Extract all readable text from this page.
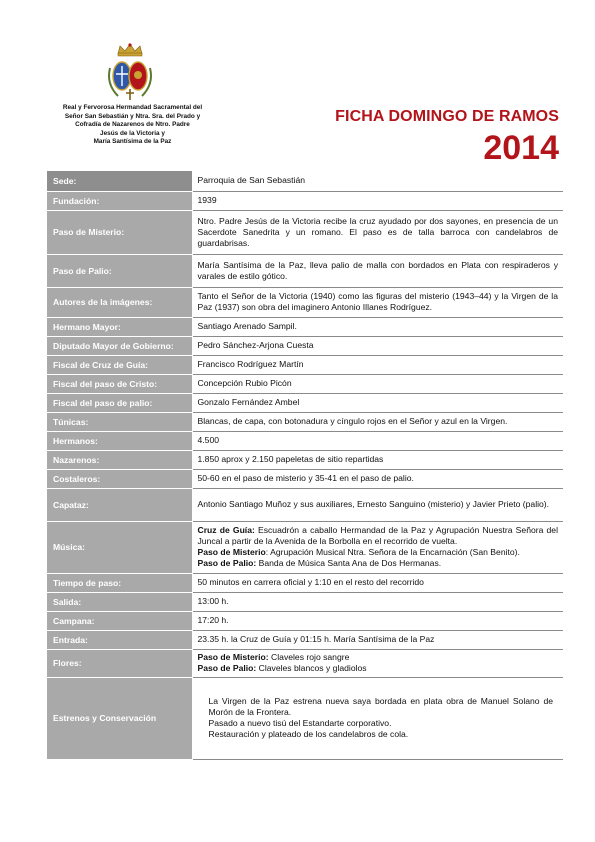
Real y Fervorosa Hermandad Sacramental del
Señor San Sebastián y Ntra. Sra. del Prado y
Cofradía de Nazarenos de Ntro. Padre
Jesús de la Victoria y
María Santísima de la Paz
FICHA DOMINGO DE RAMOS
2014
Sede:	Parroquia de San Sebastián
Fundación:	1939
Paso de Misterio:	Ntro. Padre Jesús de la Victoria recibe la cruz ayudado por dos sayones, en presencia de un Sacerdote Sanedrita y un romano. El paso es de talla barroca con candelabros de guardabrisas.
Paso de Palio:	María Santísima de la Paz, lleva palio de malla con bordados en Plata con respiraderos y varales de estilo gótico.
Autores de la imágenes:	Tanto el Señor de la Victoria (1940) como las figuras del misterio (1943–44) y la Virgen de la Paz (1937) son obra del imaginero Antonio Illanes Rodríguez.
Hermano Mayor:	Santiago Arenado Sampil.
Diputado Mayor de Gobierno:	Pedro Sánchez-Arjona Cuesta
Fiscal de Cruz de Guía:	Francisco Rodríguez Martín
Fiscal del paso de Cristo:	Concepción Rubio Picón
Fiscal del paso de palio:	Gonzalo Fernández Ambel
Túnicas:	Blancas, de capa, con botonadura y cíngulo rojos en el Señor y azul en la Virgen.
Hermanos:	4.500
Nazarenos:	1.850 aprox y 2.150 papeletas de sitio repartidas
Costaleros:	50-60 en el paso de misterio y 35-41 en el paso de palio.
Capataz:	Antonio Santiago Muñoz y sus auxiliares, Ernesto Sanguino (misterio) y Javier Prieto (palio).
Música:	Cruz de Guía: Escuadrón a caballo Hermandad de la Paz y Agrupación Nuestra Señora del Juncal a partir de la Avenida de la Borbolla en el recorrido de vuelta.
Paso de Misterio: Agrupación Musical Ntra. Señora de la Encarnación (San Benito).
Paso de Palio: Banda de Música Santa Ana de Dos Hermanas.

Tiempo de paso:	50 minutos en carrera oficial y 1:10 en el resto del recorrido
Salida:	13:00 h.
Campana:	17:20 h.
Entrada:	23.35 h. la Cruz de Guía y 01:15 h. María Santísima de la Paz
Flores:	Paso de Misterio: Claveles rojo sangre
Paso de Palio: Claveles blancos y gladiolos

Estrenos y Conservación	La Virgen de la Paz estrena nueva saya bordada en plata obra de Manuel Solano de Morón de la Frontera.
Pasado a nuevo tisú del Estandarte corporativo.
Restauración y plateado de los candelabros de cola.
